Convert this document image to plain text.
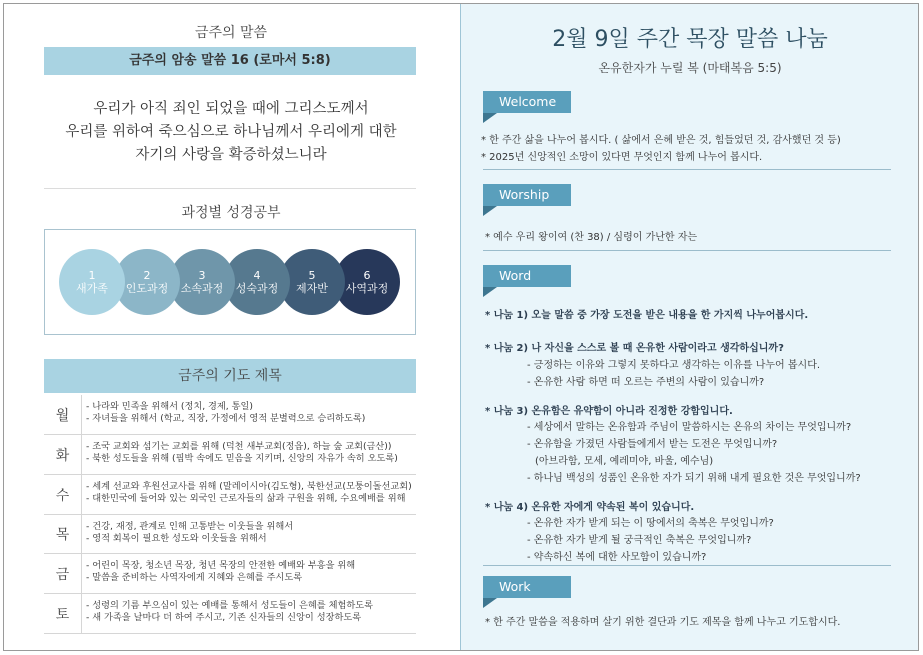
금주의 말씀
금주의 암송 말씀 16 (로마서 5:8)
우리가 아직 죄인 되었을 때에 그리스도께서
우리를 위하여 죽으심으로 하나님께서 우리에게 대한
자기의 사랑을 확증하셨느니라
과정별 성경공부
1
새가족
2
인도과정
3
소속과정
4
성숙과정
5
제자반
6
사역과정
금주의 기도 제목
월
- 나라와 민족을 위해서 (정치, 경제, 통일)
- 자녀들을 위해서 (학교, 직장, 가정에서 영적 분별력으로 승리하도록)
화
- 조국 교회와 섬기는 교회를 위해 (덕천 새부교회(정읍), 하늘 숲 교회(금산))
- 북한 성도들을 위해 (핍박 속에도 믿음을 지키며, 신앙의 자유가 속히 오도록)
수
- 세계 선교와 후원선교사를 위해 (말레이시아(김도형), 북한선교(모퉁이돌선교회)
- 대한민국에 들어와 있는 외국인 근로자들의 삶과 구원을 위해, 수요예배를 위해
목
- 건강, 재정, 관계로 인해 고통받는 이웃들을 위해서
- 영적 회복이 필요한 성도와 이웃들을 위해서
금
- 어린이 목장, 청소년 목장, 청년 목장의 안전한 예배와 부흥을 위해
- 말씀을 준비하는 사역자에게 지혜와 은혜를 주시도록
토
- 성령의 기름 부으심이 있는 예배를 통해서 성도들이 은혜를 체험하도록
- 새 가족을 날마다 더 하여 주시고, 기존 신자들의 신앙이 성장하도록
2월 9일 주간 목장 말씀 나눔
온유한자가 누릴 복 (마태복음 5:5)
Welcome
* 한 주간 삶을 나누어 봅시다. ( 삶에서 은혜 받은 것, 힘들었던 것, 감사했던 것 등)
* 2025년 신앙적인 소망이 있다면 무엇인지 함께 나누어 봅시다.
Worship
* 예수 우리 왕이여 (찬 38) / 심령이 가난한 자는
Word
* 나눔 1) 오늘 말씀 중 가장 도전을 받은 내용을 한 가지씩 나누어봅시다.
* 나눔 2) 나 자신을 스스로 볼 때 온유한 사람이라고 생각하십니까?
- 긍정하는 이유와 그렇지 못하다고 생각하는 이유를 나누어 봅시다.
- 온유한 사람 하면 떠 오르는 주변의 사람이 있습니까?
* 나눔 3) 온유함은 유약함이 아니라 진정한 강함입니다.
- 세상에서 말하는 온유함과 주님이 말씀하시는 온유의 차이는 무엇입니까?
- 온유함을 가졌던 사람들에게서 받는 도전은 무엇입니까?
(아브라함, 모세, 예레미야, 바울, 예수님)
- 하나님 백성의 성품인 온유한 자가 되기 위해 내게 필요한 것은 무엇입니까?
* 나눔 4) 온유한 자에게 약속된 복이 있습니다.
- 온유한 자가 받게 되는 이 땅에서의 축복은 무엇입니까?
- 온유한 자가 받게 될 궁극적인 축복은 무엇입니까?
- 약속하신 복에 대한 사모함이 있습니까?
Work
* 한 주간 말씀을 적용하며 살기 위한 결단과 기도 제목을 함께 나누고 기도합시다.
